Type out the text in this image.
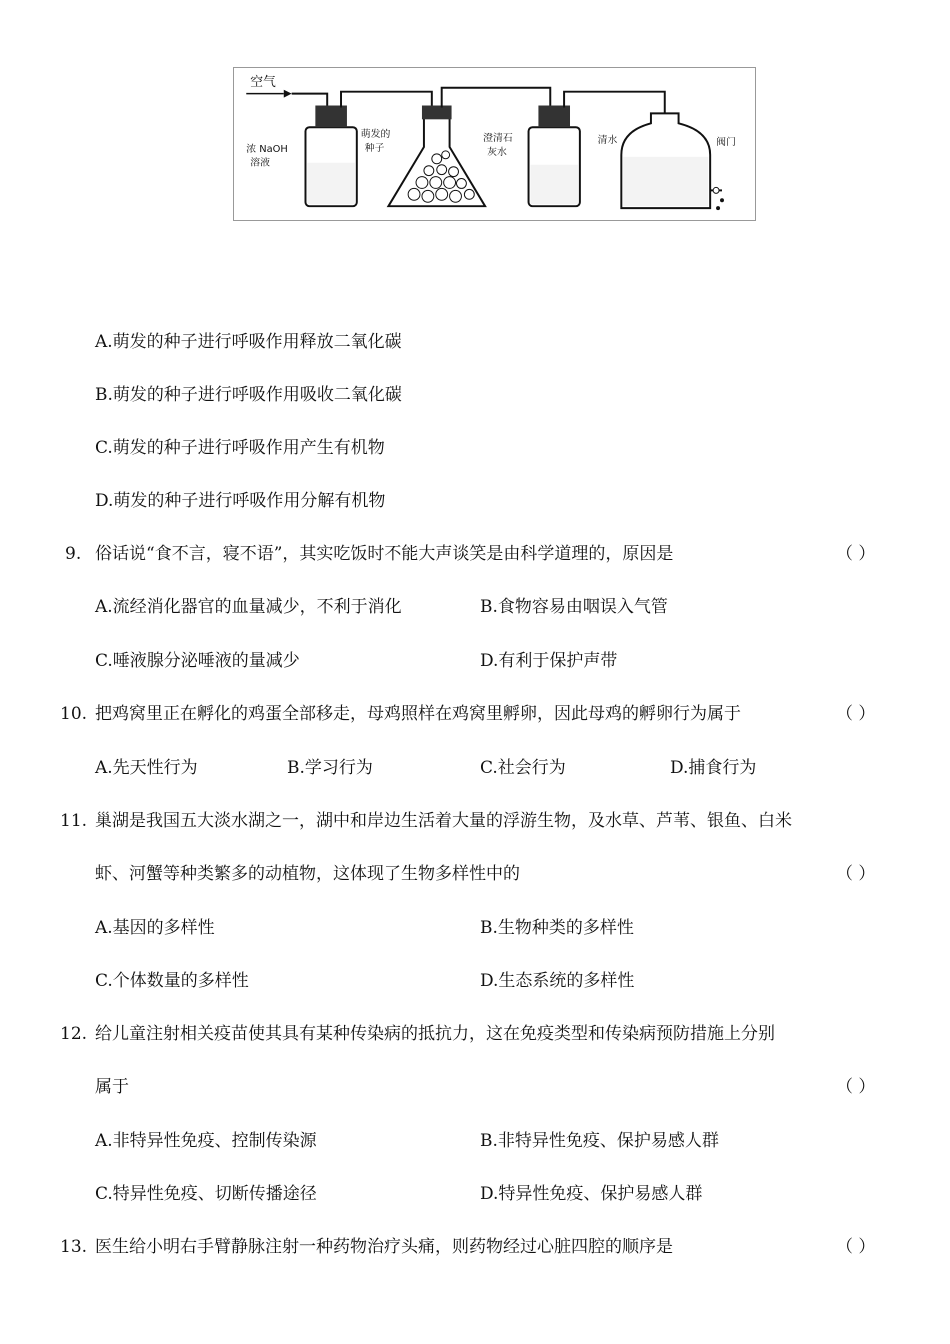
空气
浓 NaOH
溶液
萌发的
种子
澄清石
灰水
清水	阀门
A.萌发的种子进行呼吸作用释放二氧化碳
B.萌发的种子进行呼吸作用吸收二氧化碳
C.萌发的种子进行呼吸作用产生有机物
D.萌发的种子进行呼吸作用分解有机物
9. 俗话说“食不言，寝不语”，其实吃饭时不能大声谈笑是由科学道理的，原因是	（ ）
A.流经消化器官的血量减少，不利于消化	B.食物容易由咽误入气管
C.唾液腺分泌唾液的量减少	D.有利于保护声带
10. 把鸡窝里正在孵化的鸡蛋全部移走，母鸡照样在鸡窝里孵卵，因此母鸡的孵卵行为属于	（ ）
A.先天性行为	B.学习行为	C.社会行为	D.捕食行为
11. 巢湖是我国五大淡水湖之一，湖中和岸边生活着大量的浮游生物，及水草、芦苇、银鱼、白米
虾、河蟹等种类繁多的动植物，这体现了生物多样性中的	（ ）
A.基因的多样性	B.生物种类的多样性
C.个体数量的多样性	D.生态系统的多样性
12. 给儿童注射相关疫苗使其具有某种传染病的抵抗力，这在免疫类型和传染病预防措施上分别
属于	（ ）
A.非特异性免疫、控制传染源	B.非特异性免疫、保护易感人群
C.特异性免疫、切断传播途径	D.特异性免疫、保护易感人群
13. 医生给小明右手臂静脉注射一种药物治疗头痛，则药物经过心脏四腔的顺序是	（ ）
